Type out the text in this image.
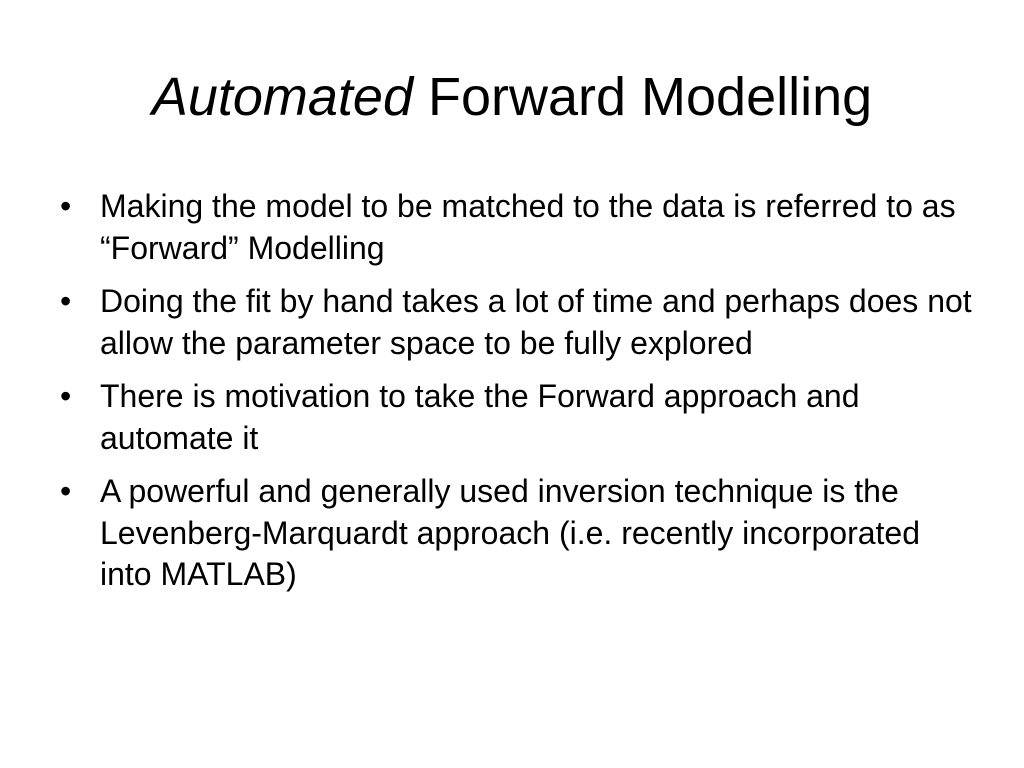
Automated Forward Modelling
• Making the model to be matched to the data is referred to as “Forward” Modelling
• Doing the fit by hand takes a lot of time and perhaps does not allow the parameter space to be fully explored
• There is motivation to take the Forward approach and automate it
• A powerful and generally used inversion technique is the Levenberg-Marquardt approach (i.e. recently incorporated into MATLAB)
